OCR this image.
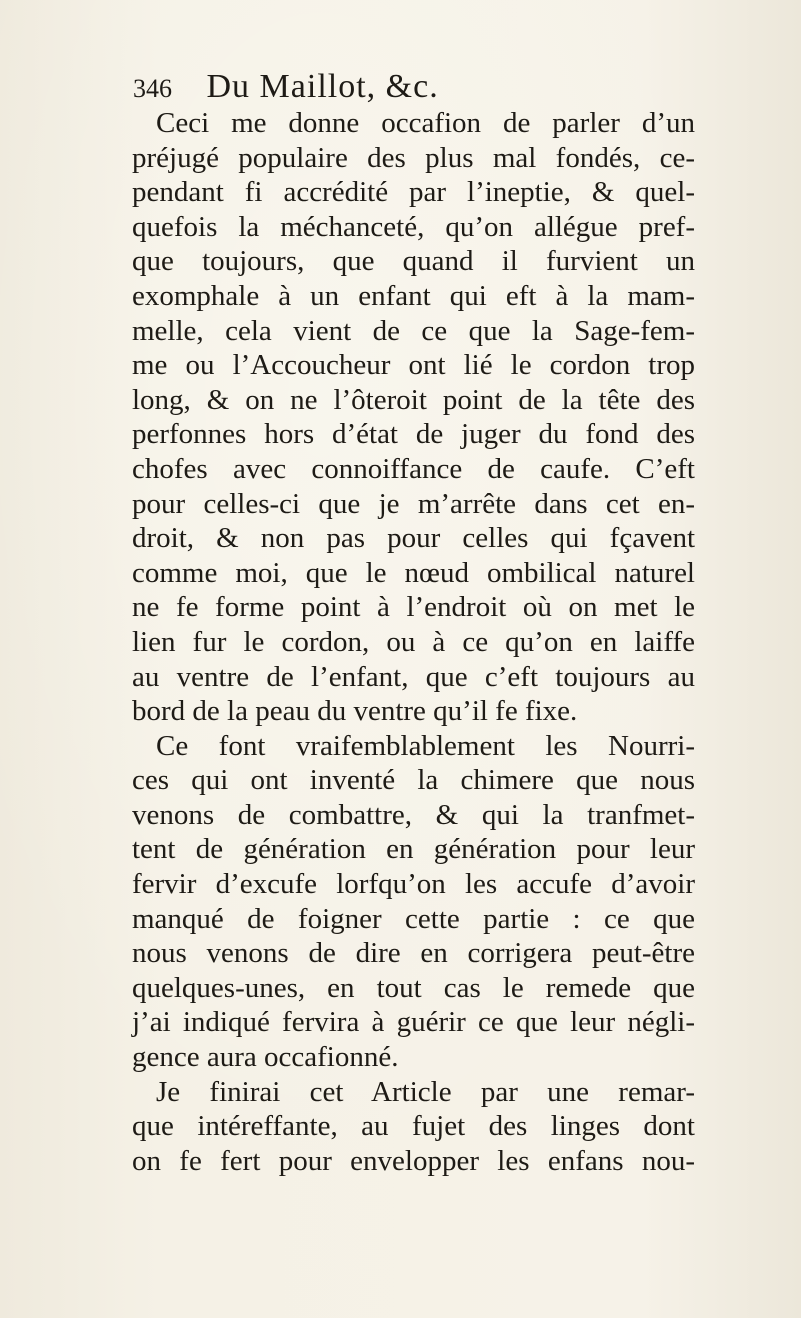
346 Du Maillot, &c.
Ceci me donne occafion de parler d’un
préjugé populaire des plus mal fondés, ce-
pendant fi accrédité par l’ineptie, & quel-
quefois la méchanceté, qu’on allégue pref-
que toujours, que quand il furvient un
exomphale à un enfant qui eft à la mam-
melle, cela vient de ce que la Sage-fem-
me ou l’Accoucheur ont lié le cordon trop
long, & on ne l’ôteroit point de la tête des
perfonnes hors d’état de juger du fond des
chofes avec connoiffance de caufe. C’eft
pour celles-ci que je m’arrête dans cet en-
droit, & non pas pour celles qui fçavent
comme moi, que le nœud ombilical naturel
ne fe forme point à l’endroit où on met le
lien fur le cordon, ou à ce qu’on en laiffe
au ventre de l’enfant, que c’eft toujours au
bord de la peau du ventre qu’il fe fixe.
Ce font vraifemblablement les Nourri-
ces qui ont inventé la chimere que nous
venons de combattre, & qui la tranfmet-
tent de génération en génération pour leur
fervir d’excufe lorfqu’on les accufe d’avoir
manqué de foigner cette partie : ce que
nous venons de dire en corrigera peut-être
quelques-unes, en tout cas le remede que
j’ai indiqué fervira à guérir ce que leur négli-
gence aura occafionné.
Je finirai cet Article par une remar-
que intéreffante, au fujet des linges dont
on fe fert pour envelopper les enfans nou-
